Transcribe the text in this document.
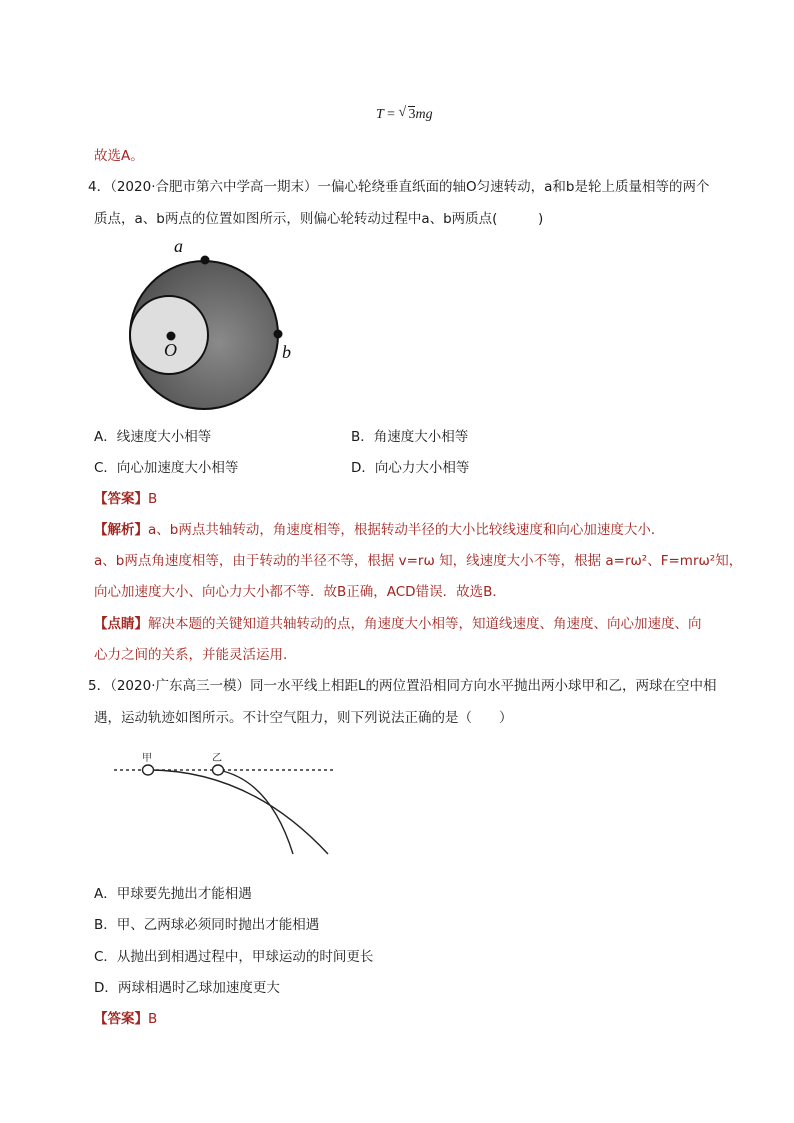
T = √ 3mg
故选A。
4．（2020·合肥市第六中学高一期末）一偏心轮绕垂直纸面的轴O匀速转动，a和b是轮上质量相等的两个
质点，a、b两点的位置如图所示，则偏心轮转动过程中a、b两质点(　　　)
a
O	b
A．线速度大小相等	B．角速度大小相等
C．向心加速度大小相等	D．向心力大小相等
【答案】B
【解析】a、b两点共轴转动，角速度相等，根据转动半径的大小比较线速度和向心加速度大小．
a、b两点角速度相等，由于转动的半径不等，根据 v=rω 知，线速度大小不等，根据 a=rω²、F=mrω²知，
向心加速度大小、向心力大小都不等．故B正确，ACD错误．故选B．
【点睛】解决本题的关键知道共轴转动的点，角速度大小相等，知道线速度、角速度、向心加速度、向
心力之间的关系，并能灵活运用.
5．（2020·广东高三一模）同一水平线上相距L的两位置沿相同方向水平抛出两小球甲和乙，两球在空中相
遇，运动轨迹如图所示。不计空气阻力，则下列说法正确的是（　　）
甲	乙
A．甲球要先抛出才能相遇
B．甲、乙两球必须同时抛出才能相遇
C．从抛出到相遇过程中，甲球运动的时间更长
D．两球相遇时乙球加速度更大
【答案】B
